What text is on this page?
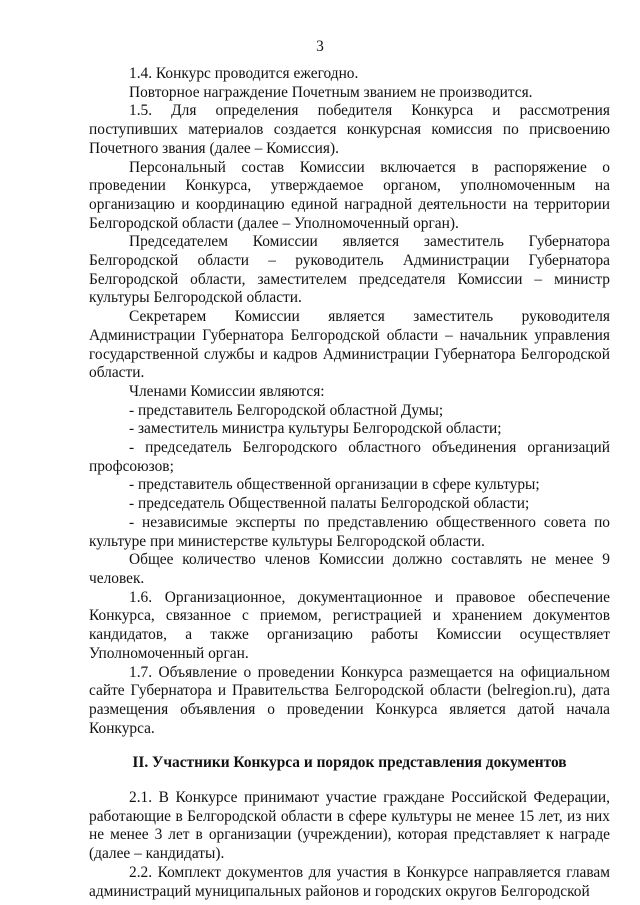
3

1.4. Конкурс проводится ежегодно.

Повторное награждение Почетным званием не производится.

1.5. Для определения победителя Конкурса и рассмотрения поступивших материалов создается конкурсная комиссия по присвоению Почетного звания (далее – Комиссия).

Персональный состав Комиссии включается в распоряжение о проведении Конкурса, утверждаемое органом, уполномоченным на организацию и координацию единой наградной деятельности на территории Белгородской области (далее – Уполномоченный орган).

Председателем Комиссии является заместитель Губернатора Белгородской области – руководитель Администрации Губернатора Белгородской области, заместителем председателя Комиссии – министр культуры Белгородской области.

Секретарем Комиссии является заместитель руководителя Администрации Губернатора Белгородской области – начальник управления государственной службы и кадров Администрации Губернатора Белгородской области.

Членами Комиссии являются:

- представитель Белгородской областной Думы;

- заместитель министра культуры Белгородской области;

- председатель Белгородского областного объединения организаций профсоюзов;

- представитель общественной организации в сфере культуры;

- председатель Общественной палаты Белгородской области;

- независимые эксперты по представлению общественного совета по культуре при министерстве культуры Белгородской области.

Общее количество членов Комиссии должно составлять не менее 9 человек.

1.6. Организационное, документационное и правовое обеспечение Конкурса, связанное с приемом, регистрацией и хранением документов кандидатов, а также организацию работы Комиссии осуществляет Уполномоченный орган.

1.7. Объявление о проведении Конкурса размещается на официальном сайте Губернатора и Правительства Белгородской области (belregion.ru), дата размещения объявления о проведении Конкурса является датой начала Конкурса.

II. Участники Конкурса и порядок представления документов

2.1. В Конкурсе принимают участие граждане Российской Федерации, работающие в Белгородской области в сфере культуры не менее 15 лет, из них не менее 3 лет в организации (учреждении), которая представляет к награде (далее – кандидаты).

2.2. Комплект документов для участия в Конкурсе направляется главам администраций муниципальных районов и городских округов Белгородской
